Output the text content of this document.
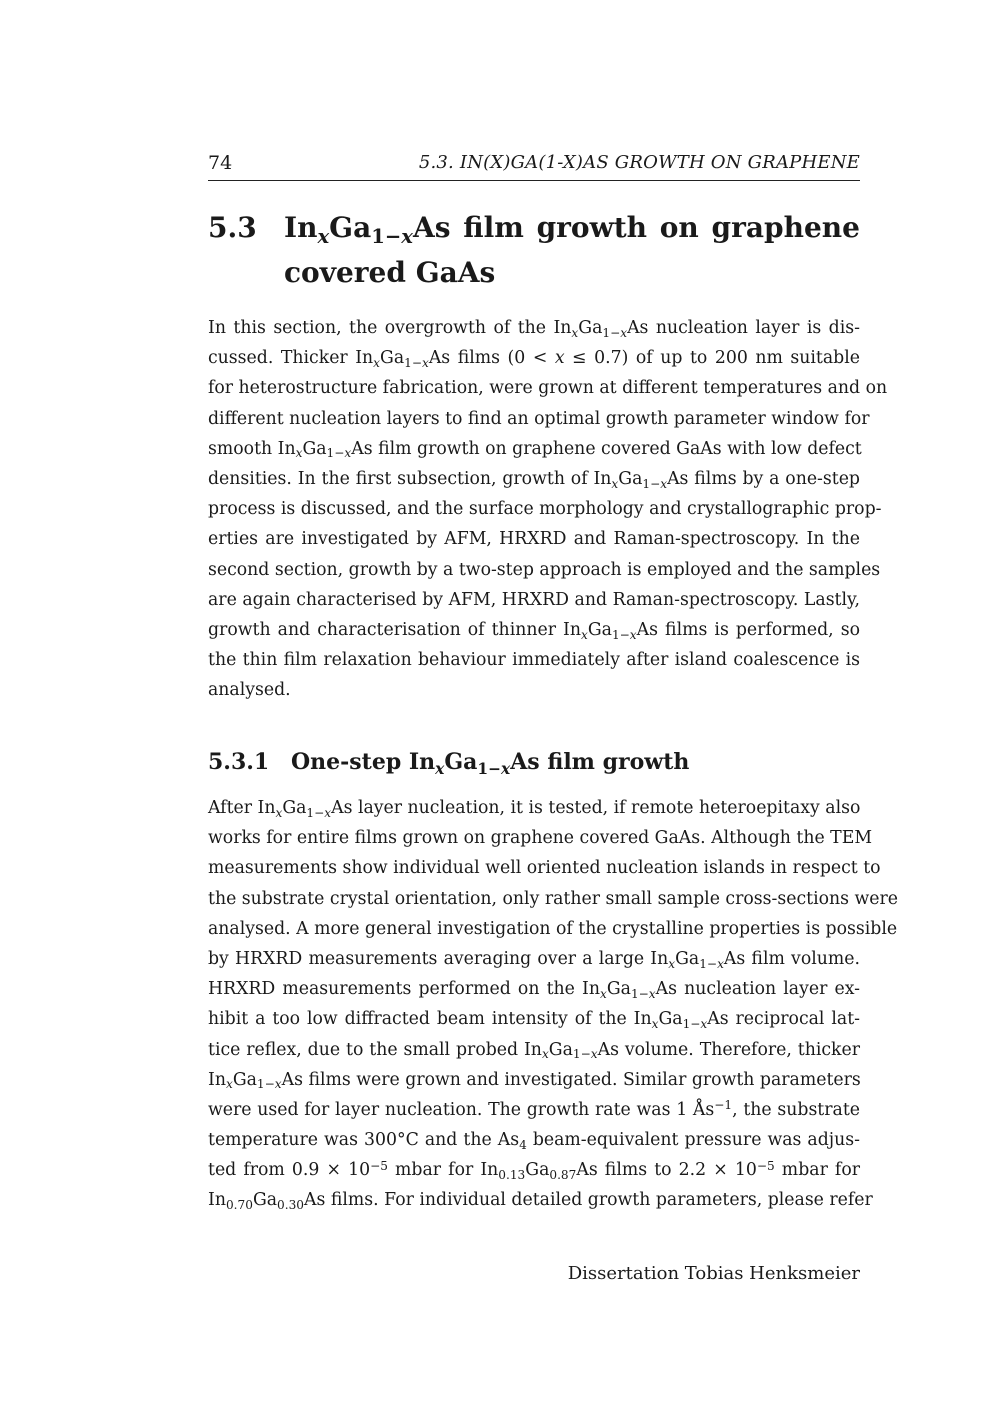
74	5.3. IN(X)GA(1-X)AS GROWTH ON GRAPHENE
5.3 $In_xGa_{1-x}As$ film growth on graphene
covered GaAs
In this section, the overgrowth of the $In_xGa_{1-x}As$ nucleation layer is dis-
cussed. Thicker $In_xGa_{1-x}As$ films (0 < x ≤ 0.7) of up to 200 nm suitable
for heterostructure fabrication, were grown at different temperatures and on
different nucleation layers to find an optimal growth parameter window for
smooth $In_xGa_{1-x}As$ film growth on graphene covered GaAs with low defect
densities. In the first subsection, growth of $In_xGa_{1-x}As$ films by a one-step
process is discussed, and the surface morphology and crystallographic prop-
erties are investigated by AFM, HRXRD and Raman-spectroscopy. In the
second section, growth by a two-step approach is employed and the samples
are again characterised by AFM, HRXRD and Raman-spectroscopy. Lastly,
growth and characterisation of thinner $In_xGa_{1-x}As$ films is performed, so
the thin film relaxation behaviour immediately after island coalescence is
analysed.
5.3.1 One-step $In_xGa_{1-x}As$ film growth
After $In_xGa_{1-x}As$ layer nucleation, it is tested, if remote heteroepitaxy also
works for entire films grown on graphene covered GaAs. Although the TEM
measurements show individual well oriented nucleation islands in respect to
the substrate crystal orientation, only rather small sample cross-sections were
analysed. A more general investigation of the crystalline properties is possible
by HRXRD measurements averaging over a large $In_xGa_{1-x}As$ film volume.
HRXRD measurements performed on the $In_xGa_{1-x}As$ nucleation layer ex-
hibit a too low diffracted beam intensity of the $In_xGa_{1-x}As$ reciprocal lat-
tice reflex, due to the small probed $In_xGa_{1-x}As$ volume. Therefore, thicker
$In_xGa_{1-x}As$ films were grown and investigated. Similar growth parameters
were used for layer nucleation. The growth rate was 1 $Ås^{-1}$, the substrate
temperature was 300°C and the $As_4$ beam-equivalent pressure was adjus-
ted from $0.9 \times 10^{-5}$ mbar for $In_{0.13}Ga_{0.87}As$ films to $2.2 \times 10^{-5}$ mbar for
$In_{0.70}Ga_{0.30}As$ films. For individual detailed growth parameters, please refer
Dissertation Tobias Henksmeier
